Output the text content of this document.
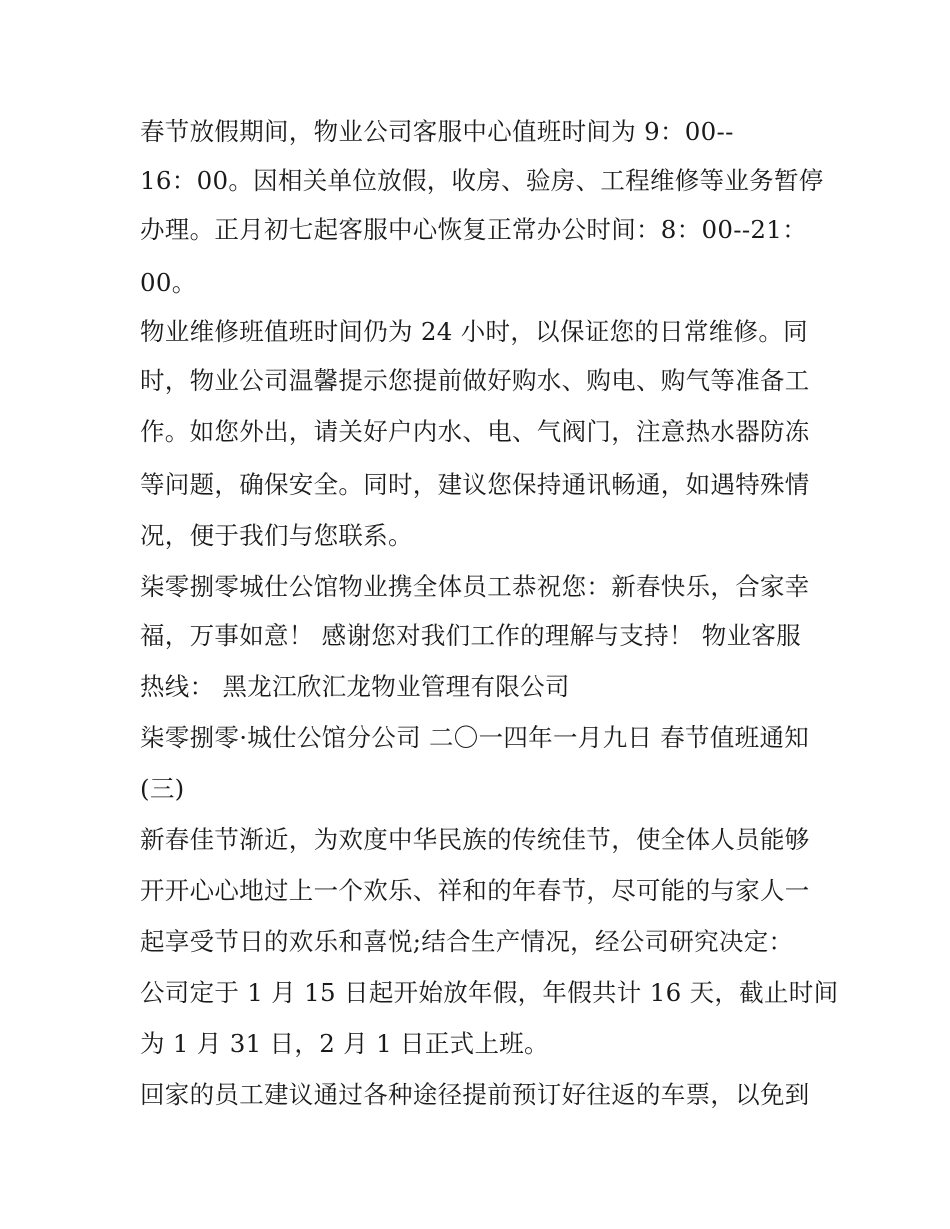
春节放假期间，物业公司客服中心值班时间为 9：00--
16：00。因相关单位放假，收房、验房、工程维修等业务暂停
办理。正月初七起客服中心恢复正常办公时间：8：00--21：
00。
物业维修班值班时间仍为 24 小时，以保证您的日常维修。同
时，物业公司温馨提示您提前做好购水、购电、购气等准备工
作。如您外出，请关好户内水、电、气阀门，注意热水器防冻
等问题，确保安全。同时，建议您保持通讯畅通，如遇特殊情
况，便于我们与您联系。
柒零捌零城仕公馆物业携全体员工恭祝您：新春快乐，合家幸
福，万事如意！ 感谢您对我们工作的理解与支持！ 物业客服
热线： 黑龙江欣汇龙物业管理有限公司
柒零捌零·城仕公馆分公司 二〇一四年一月九日 春节值班通知
(三)
新春佳节渐近，为欢度中华民族的传统佳节，使全体人员能够
开开心心地过上一个欢乐、祥和的年春节，尽可能的与家人一
起享受节日的欢乐和喜悦;结合生产情况，经公司研究决定：
公司定于 1 月 15 日起开始放年假，年假共计 16 天，截止时间
为 1 月 31 日，2 月 1 日正式上班。
回家的员工建议通过各种途径提前预订好往返的车票，以免到
